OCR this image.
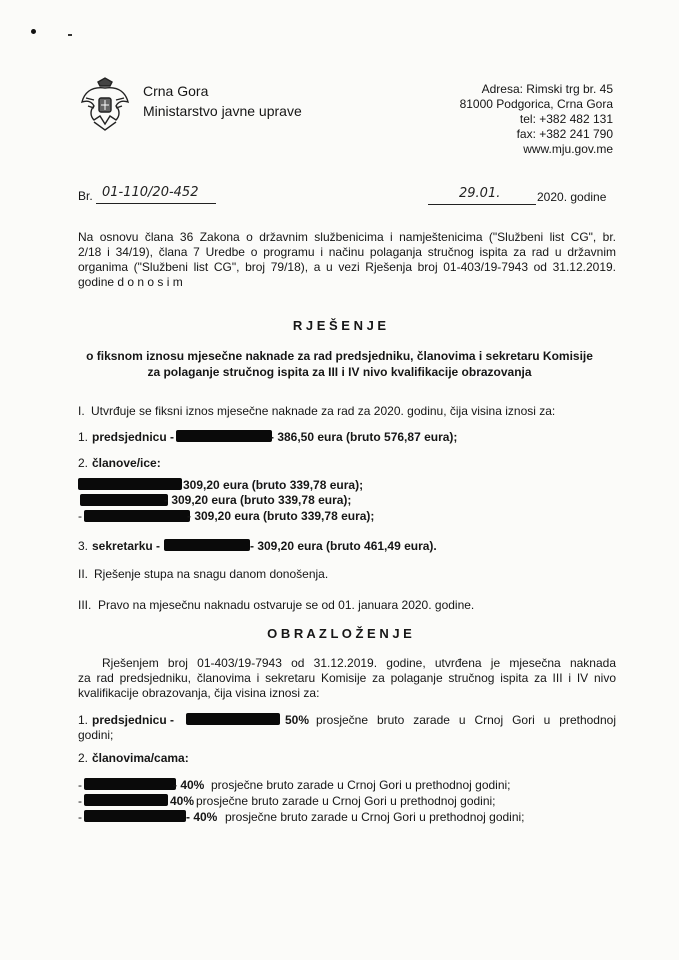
Crna Gora
Ministarstvo javne uprave
Adresa: Rimski trg br. 45
81000 Podgorica, Crna Gora
tel: +382 482 131
fax: +382 241 790
www.mju.gov.me
Br. 01-110/20-452	29.01.	2020. godine
Na osnovu člana 36 Zakona o državnim službenicima i namještenicima ("Službeni list CG", br.
2/18 i 34/19), člana 7 Uredbe o programu i načinu polaganja stručnog ispita za rad u državnim
organima ("Službeni list CG", broj 79/18), a u vezi Rješenja broj 01-403/19-7943 od 31.12.2019.
godine d o n o s i m
R J E Š E N J E
o fiksnom iznosu mjesečne naknade za rad predsjedniku, članovima i sekretaru Komisije
za polaganje stručnog ispita za III i IV nivo kvalifikacije obrazovanja
I. Utvrđuje se fiksni iznos mjesečne naknade za rad za 2020. godinu, čija visina iznosi za:
1. predsjednicu -	- 386,50 eura (bruto 576,87 eura);
2. članove/ice:
309,20 eura (bruto 339,78 eura);
- 309,20 eura (bruto 339,78 eura);
-	- 309,20 eura (bruto 339,78 eura);
3. sekretarku -	- 309,20 eura (bruto 461,49 eura).
II. Rješenje stupa na snagu danom donošenja.
III. Pravo na mjesečnu naknadu ostvaruje se od 01. januara 2020. godine.
O B R A Z L O Ž E N J E
Rješenjem broj 01-403/19-7943 od 31.12.2019. godine, utvrđena je mjesečna naknada
za rad predsjedniku, članovima i sekretaru Komisije za polaganje stručnog ispita za III i IV nivo
kvalifikacije obrazovanja, čija visina iznosi za:
1. predsjednicu -	50% prosječne bruto zarade u Crnoj Gori u prethodnoj
godini;
2. članovima/cama:
-	- 40% prosječne bruto zarade u Crnoj Gori u prethodnoj godini;
-	40% prosječne bruto zarade u Crnoj Gori u prethodnoj godini;
-	- 40% prosječne bruto zarade u Crnoj Gori u prethodnoj godini;
